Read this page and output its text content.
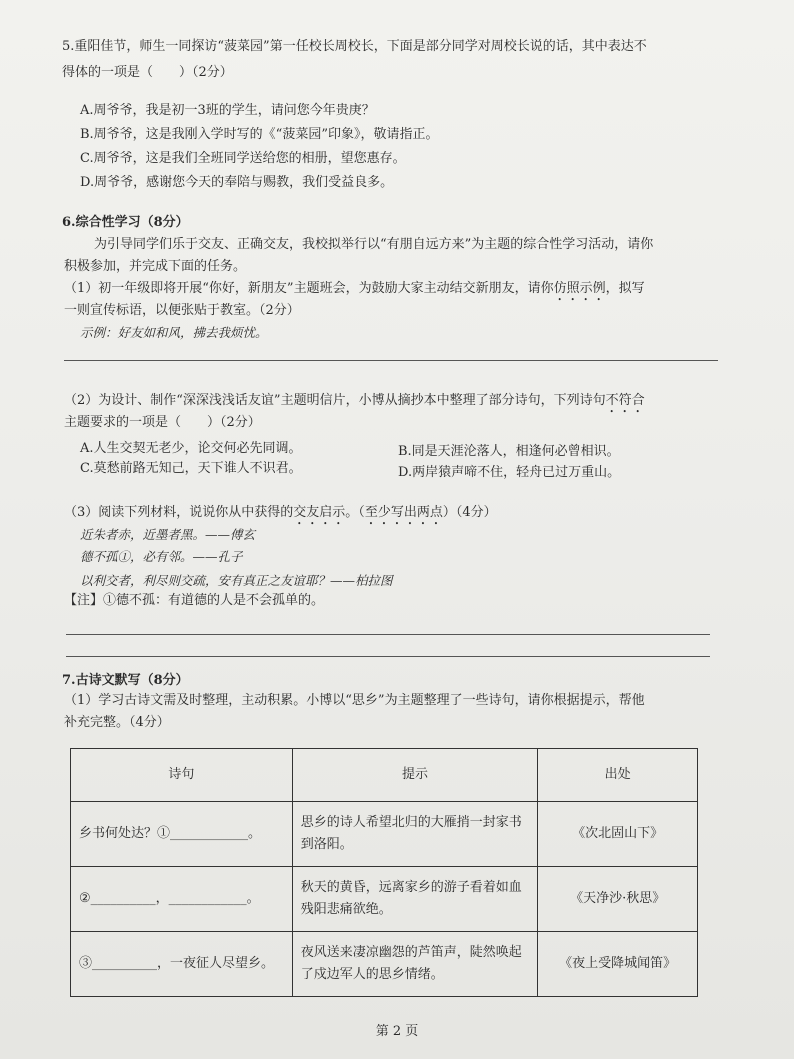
5.重阳佳节，师生一同探访“菠菜园”第一任校长周校长，下面是部分同学对周校长说的话，其中表达不
得体的一项是（　　）（2分）
A.周爷爷，我是初一3班的学生，请问您今年贵庚？
B.周爷爷，这是我刚入学时写的《“菠菜园”印象》，敬请指正。
C.周爷爷，这是我们全班同学送给您的相册，望您惠存。
D.周爷爷，感谢您今天的奉陪与赐教，我们受益良多。
6.综合性学习（8分）
为引导同学们乐于交友、正确交友，我校拟举行以“有朋自远方来”为主题的综合性学习活动，请你
积极参加，并完成下面的任务。
（1）初一年级即将开展“你好，新朋友”主题班会，为鼓励大家主动结交新朋友，请你仿照示例，拟写
一则宣传标语，以便张贴于教室。（2分）
示例：好友如和风，拂去我烦忧。
（2）为设计、制作“深深浅浅话友谊”主题明信片，小博从摘抄本中整理了部分诗句，下列诗句不符合
主题要求的一项是（　　）（2分）
A.人生交契无老少，论交何必先同调。	B.同是天涯沦落人，相逢何必曾相识。
C.莫愁前路无知己，天下谁人不识君。	D.两岸猿声啼不住，轻舟已过万重山。
（3）阅读下列材料，说说你从中获得的交友启示。（至少写出两点）（4分）
近朱者赤，近墨者黑。——傅玄
德不孤①，必有邻。——孔子
以利交者，利尽则交疏，安有真正之友谊耶？——柏拉图
【注】①德不孤：有道德的人是不会孤单的。
7.古诗文默写（8分）
（1）学习古诗文需及时整理，主动积累。小博以“思乡”为主题整理了一些诗句，请你根据提示，帮他
补充完整。（4分）
诗句	提示	出处
乡书何处达？①____________。	思乡的诗人希望北归的大雁捎一封家书到洛阳。	《次北固山下》
②__________，____________。	秋天的黄昏，远离家乡的游子看着如血残阳悲痛欲绝。	《天净沙·秋思》
③__________，一夜征人尽望乡。	夜风送来凄凉幽怨的芦笛声，陡然唤起了戍边军人的思乡情绪。	《夜上受降城闻笛》
第 2 页
